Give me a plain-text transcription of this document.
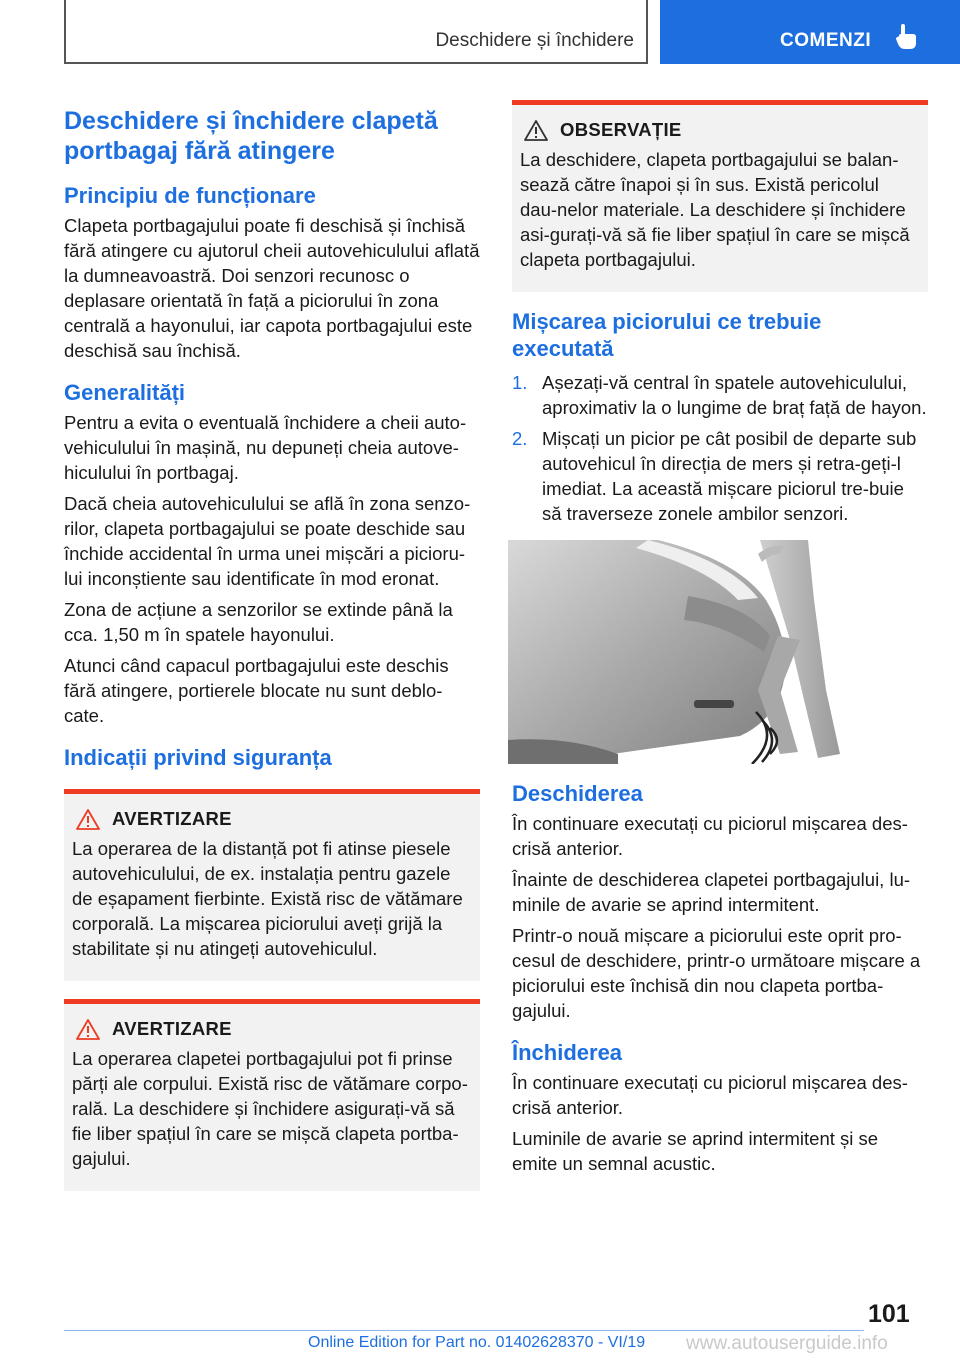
Deschidere și închidere	COMENZI
Deschidere și închidere clapetă portbagaj fără atingere
Principiu de funcționare

Clapeta portbagajului poate fi deschisă și închisă fără atingere cu ajutorul cheii autovehiculului aflată la dumneavoastră. Doi senzori recunosc o deplasare orientată în față a piciorului în zona centrală a hayonului, iar capota portbagajului este deschisă sau închisă.

Generalități

Pentru a evita o eventuală închidere a cheii auto-vehiculului în mașină, nu depuneți cheia autove-hiculului în portbagaj.

Dacă cheia autovehiculului se află în zona senzo-rilor, clapeta portbagajului se poate deschide sau închide accidental în urma unei mișcări a picioru-lui inconștiente sau identificate în mod eronat.

Zona de acțiune a senzorilor se extinde până la cca. 1,50 m în spatele hayonului.

Atunci când capacul portbagajului este deschis fără atingere, portierele blocate nu sunt deblo-cate.

Indicații privind siguranța
AVERTIZARE

La operarea de la distanță pot fi atinse piesele autovehiculului, de ex. instalația pentru gazele de eșapament fierbinte. Există risc de vătămare corporală. La mișcarea piciorului aveți grijă la stabilitate și nu atingeți autovehiculul.

AVERTIZARE

La operarea clapetei portbagajului pot fi prinse părți ale corpului. Există risc de vătămare corpo-rală. La deschidere și închidere asigurați-vă să fie liber spațiul în care se mișcă clapeta portba-gajului.

OBSERVAȚIE

La deschidere, clapeta portbagajului se balan-sează către înapoi și în sus. Există pericolul dau-nelor materiale. La deschidere și închidere asi-gurați-vă să fie liber spațiul în care se mișcă clapeta portbagajului.

Mișcarea piciorului ce trebuie executată
1. Așezați-vă central în spatele autovehiculului, aproximativ la o lungime de braț față de hayon.
2. Mișcați un picior pe cât posibil de departe sub autovehicul în direcția de mers și retra-geți-l imediat. La această mișcare piciorul tre-buie să traverseze zonele ambilor senzori.
Deschiderea

În continuare executați cu piciorul mișcarea des-crisă anterior.

Înainte de deschiderea clapetei portbagajului, lu-minile de avarie se aprind intermitent.

Printr-o nouă mișcare a piciorului este oprit pro-cesul de deschidere, printr-o următoare mișcare a piciorului este închisă din nou clapeta portba-gajului.

Închiderea

În continuare executați cu piciorul mișcarea des-crisă anterior.

Luminile de avarie se aprind intermitent și se emite un semnal acustic.

101
Online Edition for Part no. 01402628370 - VI/19 www.autouserguide.info
